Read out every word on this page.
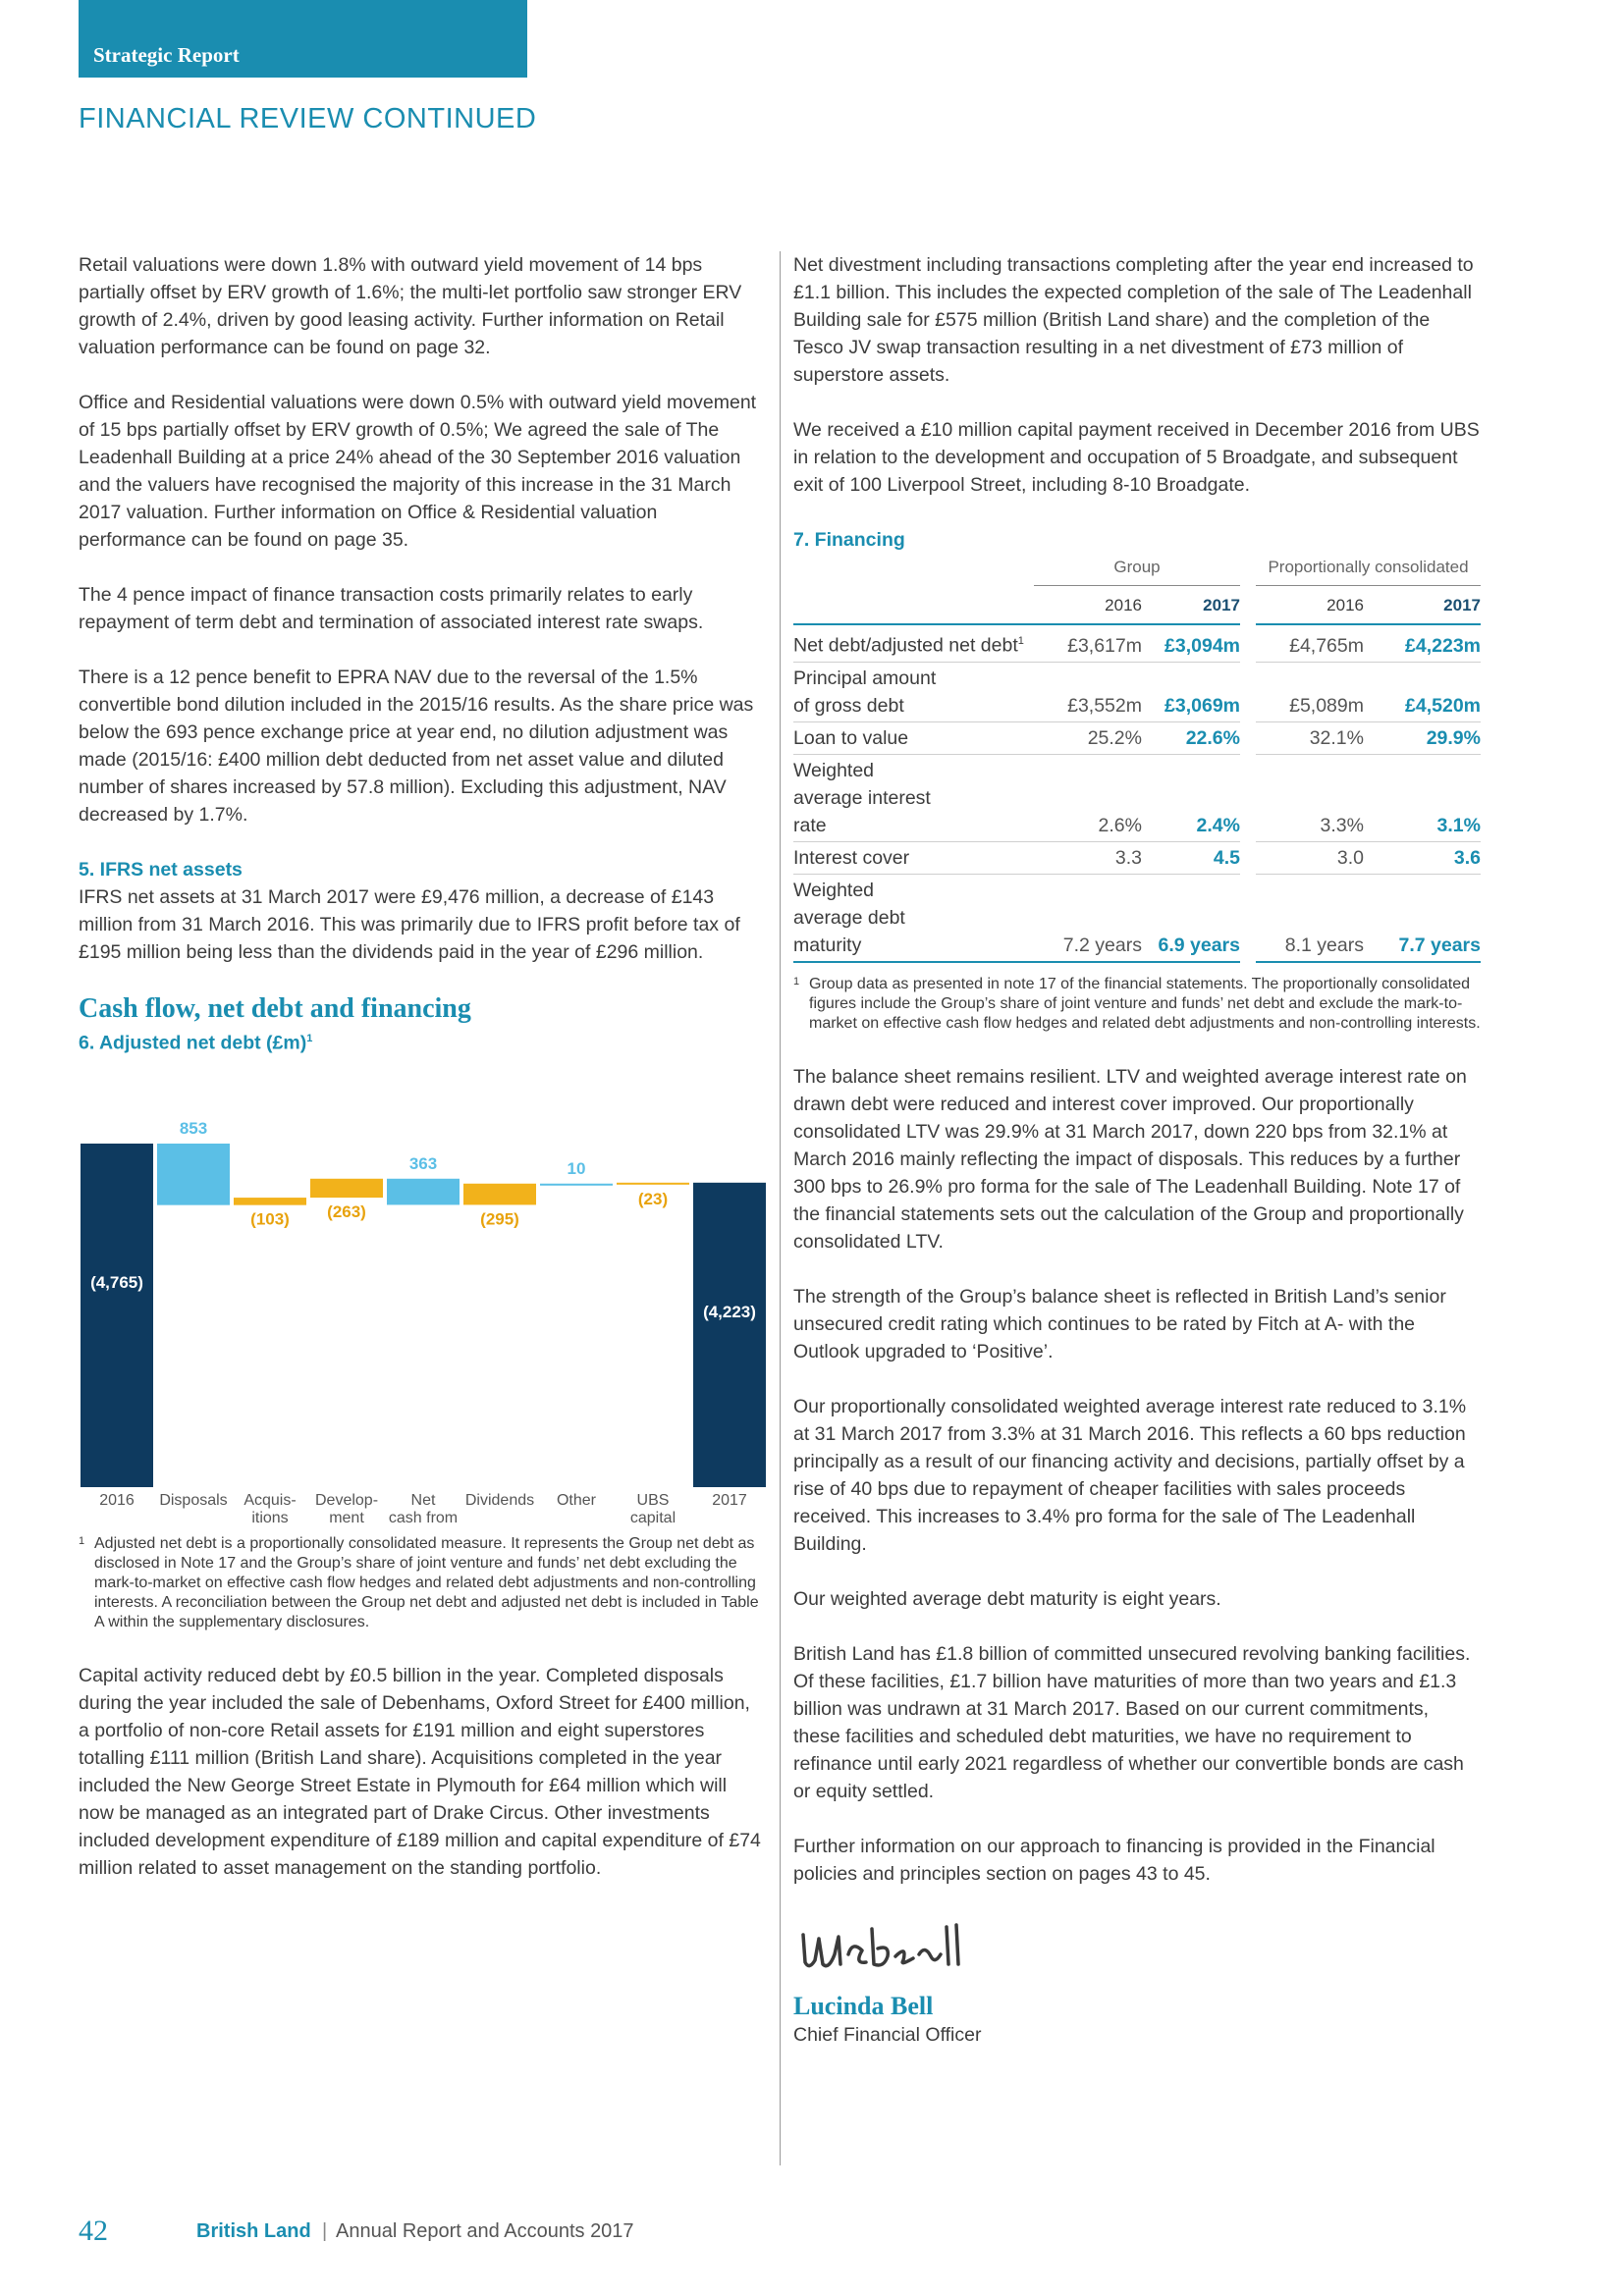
Strategic Report
FINANCIAL REVIEW CONTINUED

Retail valuations were down 1.8% with outward yield movement of 14 bps partially offset by ERV growth of 1.6%; the multi-let portfolio saw stronger ERV growth of 2.4%, driven by good leasing activity. Further information on Retail valuation performance can be found on page 32.

Office and Residential valuations were down 0.5% with outward yield movement of 15 bps partially offset by ERV growth of 0.5%; We agreed the sale of The Leadenhall Building at a price 24% ahead of the 30 September 2016 valuation and the valuers have recognised the majority of this increase in the 31 March 2017 valuation. Further information on Office & Residential valuation performance can be found on page 35.

The 4 pence impact of finance transaction costs primarily relates to early repayment of term debt and termination of associated interest rate swaps.

There is a 12 pence benefit to EPRA NAV due to the reversal of the 1.5% convertible bond dilution included in the 2015/16 results. As the share price was below the 693 pence exchange price at year end, no dilution adjustment was made (2015/16: £400 million debt deducted from net asset value and diluted number of shares increased by 57.8 million). Excluding this adjustment, NAV decreased by 1.7%.

5. IFRS net assets

IFRS net assets at 31 March 2017 were £9,476 million, a decrease of £143 million from 31 March 2016. This was primarily due to IFRS profit before tax of £195 million being less than the dividends paid in the year of £296 million.

Cash flow, net debt and financing
6. Adjusted net debt (£m)$^1$
(4,765)
2016
853
Disposals
(103)
Acquis-
itions
(263)
Develop-
ment
363
Net
cash from
(295)
Dividends
10
Other
(23)
UBS
capital
(4,223)
2017
1 Adjusted net debt is a proportionally consolidated measure. It represents the Group net debt as disclosed in Note 17 and the Group’s share of joint venture and funds’ net debt excluding the mark-to-market on effective cash flow hedges and related debt adjustments and non-controlling interests. A reconciliation between the Group net debt and adjusted net debt is included in Table A within the supplementary disclosures.

Capital activity reduced debt by £0.5 billion in the year. Completed disposals during the year included the sale of Debenhams, Oxford Street for £400 million, a portfolio of non-core Retail assets for £191 million and eight superstores totalling £111 million (British Land share). Acquisitions completed in the year included the New George Street Estate in Plymouth for £64 million which will now be managed as an integrated part of Drake Circus. Other investments included development expenditure of £189 million and capital expenditure of £74 million related to asset management on the standing portfolio.

Net divestment including transactions completing after the year end increased to £1.1 billion. This includes the expected completion of the sale of The Leadenhall Building sale for £575 million (British Land share) and the completion of the Tesco JV swap transaction resulting in a net divestment of £73 million of superstore assets.

We received a £10 million capital payment received in December 2016 from UBS in relation to the development and occupation of 5 Broadgate, and subsequent exit of 100 Liverpool Street, including 8-10 Broadgate.

7. Financing
	Group			Proportionally consolidated	
	2016	2017		2016	2017
Net debt/adjusted net debt$^1$	£3,617m	£3,094m		£4,765m	£4,223m
Principal amount of gross debt	£3,552m	£3,069m		£5,089m	£4,520m
Loan to value	25.2%	22.6%		32.1%	29.9%
Weighted average interest rate	2.6%	2.4%		3.3%	3.1%
Interest cover	3.3	4.5		3.0	3.6
Weighted average debt maturity	7.2 years	6.9 years		8.1 years	7.7 years
1 Group data as presented in note 17 of the financial statements. The proportionally consolidated figures include the Group’s share of joint venture and funds’ net debt and exclude the mark-to-market on effective cash flow hedges and related debt adjustments and non-controlling interests.

The balance sheet remains resilient. LTV and weighted average interest rate on drawn debt were reduced and interest cover improved. Our proportionally consolidated LTV was 29.9% at 31 March 2017, down 220 bps from 32.1% at March 2016 mainly reflecting the impact of disposals. This reduces by a further 300 bps to 26.9% pro forma for the sale of The Leadenhall Building. Note 17 of the financial statements sets out the calculation of the Group and proportionally consolidated LTV.

The strength of the Group’s balance sheet is reflected in British Land’s senior unsecured credit rating which continues to be rated by Fitch at A- with the Outlook upgraded to ‘Positive’.

Our proportionally consolidated weighted average interest rate reduced to 3.1% at 31 March 2017 from 3.3% at 31 March 2016. This reflects a 60 bps reduction principally as a result of our financing activity and decisions, partially offset by a rise of 40 bps due to repayment of cheaper facilities with sales proceeds received. This increases to 3.4% pro forma for the sale of The Leadenhall Building.

Our weighted average debt maturity is eight years.

British Land has £1.8 billion of committed unsecured revolving banking facilities. Of these facilities, £1.7 billion have maturities of more than two years and £1.3 billion was undrawn at 31 March 2017. Based on our current commitments, these facilities and scheduled debt maturities, we have no requirement to refinance until early 2021 regardless of whether our convertible bonds are cash or equity settled.

Further information on our approach to financing is provided in the Financial policies and principles section on pages 43 to 45.

Lucinda Bell
Chief Financial Officer
42	British Land | Annual Report and Accounts 2017
